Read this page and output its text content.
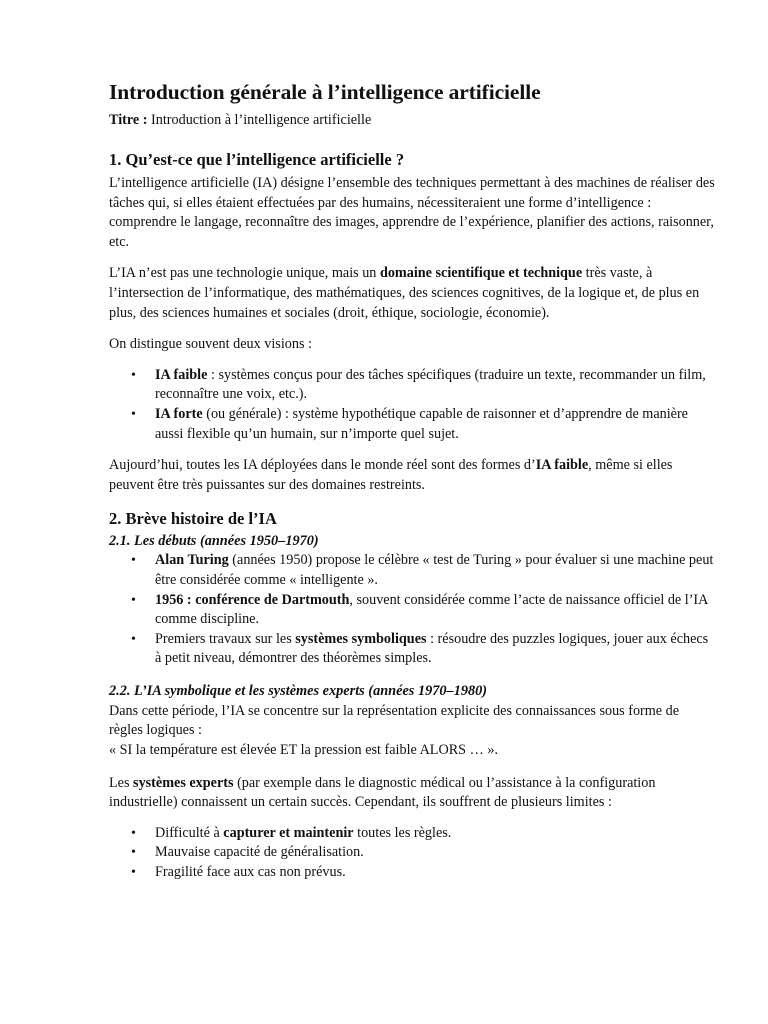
Introduction générale à l’intelligence artificielle

Titre : Introduction à l’intelligence artificielle

1. Qu’est-ce que l’intelligence artificielle ?

L’intelligence artificielle (IA) désigne l’ensemble des techniques permettant à des machines de réaliser des tâches qui, si elles étaient effectuées par des humains, nécessiteraient une forme d’intelligence : comprendre le langage, reconnaître des images, apprendre de l’expérience, planifier des actions, raisonner, etc.

L’IA n’est pas une technologie unique, mais un domaine scientifique et technique très vaste, à l’intersection de l’informatique, des mathématiques, des sciences cognitives, de la logique et, de plus en plus, des sciences humaines et sociales (droit, éthique, sociologie, économie).

On distingue souvent deux visions :

• IA faible : systèmes conçus pour des tâches spécifiques (traduire un texte, recommander un film, reconnaître une voix, etc.).
• IA forte (ou générale) : système hypothétique capable de raisonner et d’apprendre de manière aussi flexible qu’un humain, sur n’importe quel sujet.

Aujourd’hui, toutes les IA déployées dans le monde réel sont des formes d’IA faible, même si elles peuvent être très puissantes sur des domaines restreints.

2. Brève histoire de l’IA
2.1. Les débuts (années 1950–1970)
• Alan Turing (années 1950) propose le célèbre « test de Turing » pour évaluer si une machine peut être considérée comme « intelligente ».
• 1956 : conférence de Dartmouth, souvent considérée comme l’acte de naissance officiel de l’IA comme discipline.
• Premiers travaux sur les systèmes symboliques : résoudre des puzzles logiques, jouer aux échecs à petit niveau, démontrer des théorèmes simples.
2.2. L’IA symbolique et les systèmes experts (années 1970–1980)

Dans cette période, l’IA se concentre sur la représentation explicite des connaissances sous forme de règles logiques :

« SI la température est élevée ET la pression est faible ALORS … ».

Les systèmes experts (par exemple dans le diagnostic médical ou l’assistance à la configuration industrielle) connaissent un certain succès. Cependant, ils souffrent de plusieurs limites :

• Difficulté à capturer et maintenir toutes les règles.
• Mauvaise capacité de généralisation.
• Fragilité face aux cas non prévus.
